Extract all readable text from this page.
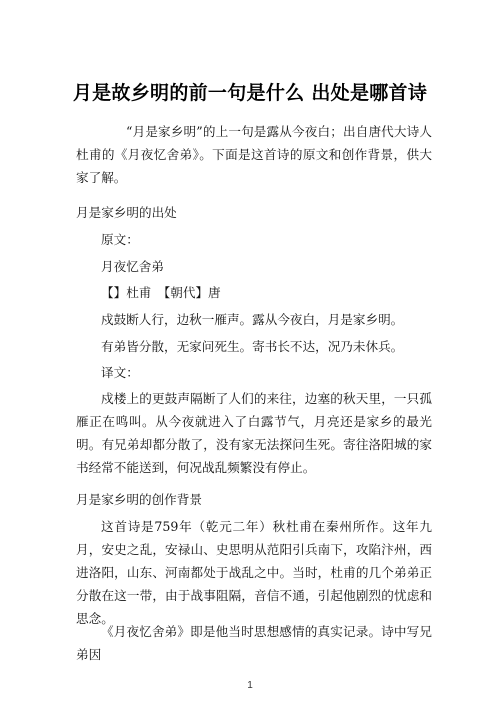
月是故乡明的前一句是什么 出处是哪首诗

“月是家乡明”的上一句是露从今夜白；出自唐代大诗人杜甫的《月夜忆舍弟》。下面是这首诗的原文和创作背景，供大家了解。

月是家乡明的出处

原文：

月夜忆舍弟

【】杜甫　【朝代】唐

戍鼓断人行，边秋一雁声。露从今夜白，月是家乡明。

有弟皆分散，无家问死生。寄书长不达，况乃未休兵。

译文：

戍楼上的更鼓声隔断了人们的来往，边塞的秋天里，一只孤雁正在鸣叫。从今夜就进入了白露节气，月亮还是家乡的最光明。有兄弟却都分散了，没有家无法探问生死。寄往洛阳城的家书经常不能送到，何况战乱频繁没有停止。

月是家乡明的创作背景

这首诗是759年（乾元二年）秋杜甫在秦州所作。这年九月，安史之乱，安禄山、史思明从范阳引兵南下，攻陷汴州，西进洛阳，山东、河南都处于战乱之中。当时，杜甫的几个弟弟正分散在这一带，由于战事阻隔，音信不通，引起他剧烈的忧虑和思念。

《月夜忆舍弟》即是他当时思想感情的真实记录。诗中写兄弟因

1
